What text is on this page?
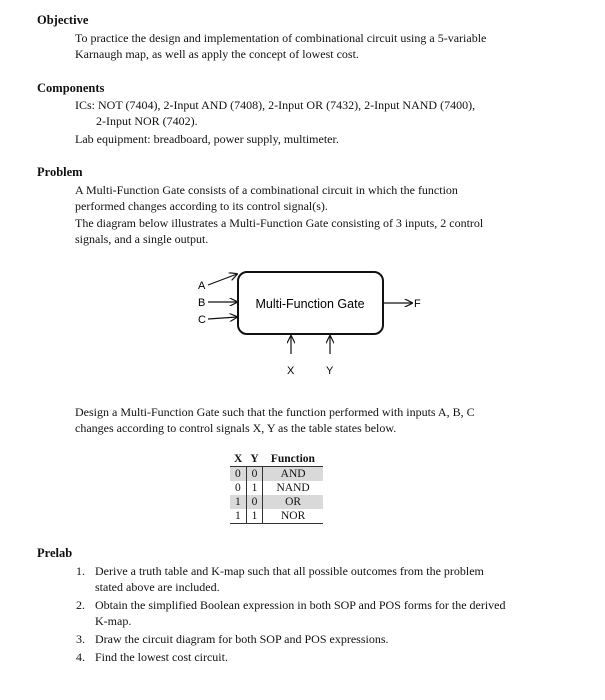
Objective
To practice the design and implementation of combinational circuit using a 5-variable
Karnaugh map, as well as apply the concept of lowest cost.
Components
ICs: NOT (7404), 2-Input AND (7408), 2-Input OR (7432), 2-Input NAND (7400),
2-Input NOR (7402).
Lab equipment: breadboard, power supply, multimeter.
Problem
A Multi-Function Gate consists of a combinational circuit in which the function
performed changes according to its control signal(s).
The diagram below illustrates a Multi-Function Gate consisting of 3 inputs, 2 control
signals, and a single output.
Multi-Function Gate
A
B
C
F
X	Y
Design a Multi-Function Gate such that the function performed with inputs A, B, C
changes according to control signals X, Y as the table states below.
X	Y	Function
0	0	AND
0	1	NAND
1	0	OR
1	1	NOR
Prelab
1. Derive a truth table and K-map such that all possible outcomes from the problem
stated above are included.
2. Obtain the simplified Boolean expression in both SOP and POS forms for the derived
K-map.
3. Draw the circuit diagram for both SOP and POS expressions.
4. Find the lowest cost circuit.
